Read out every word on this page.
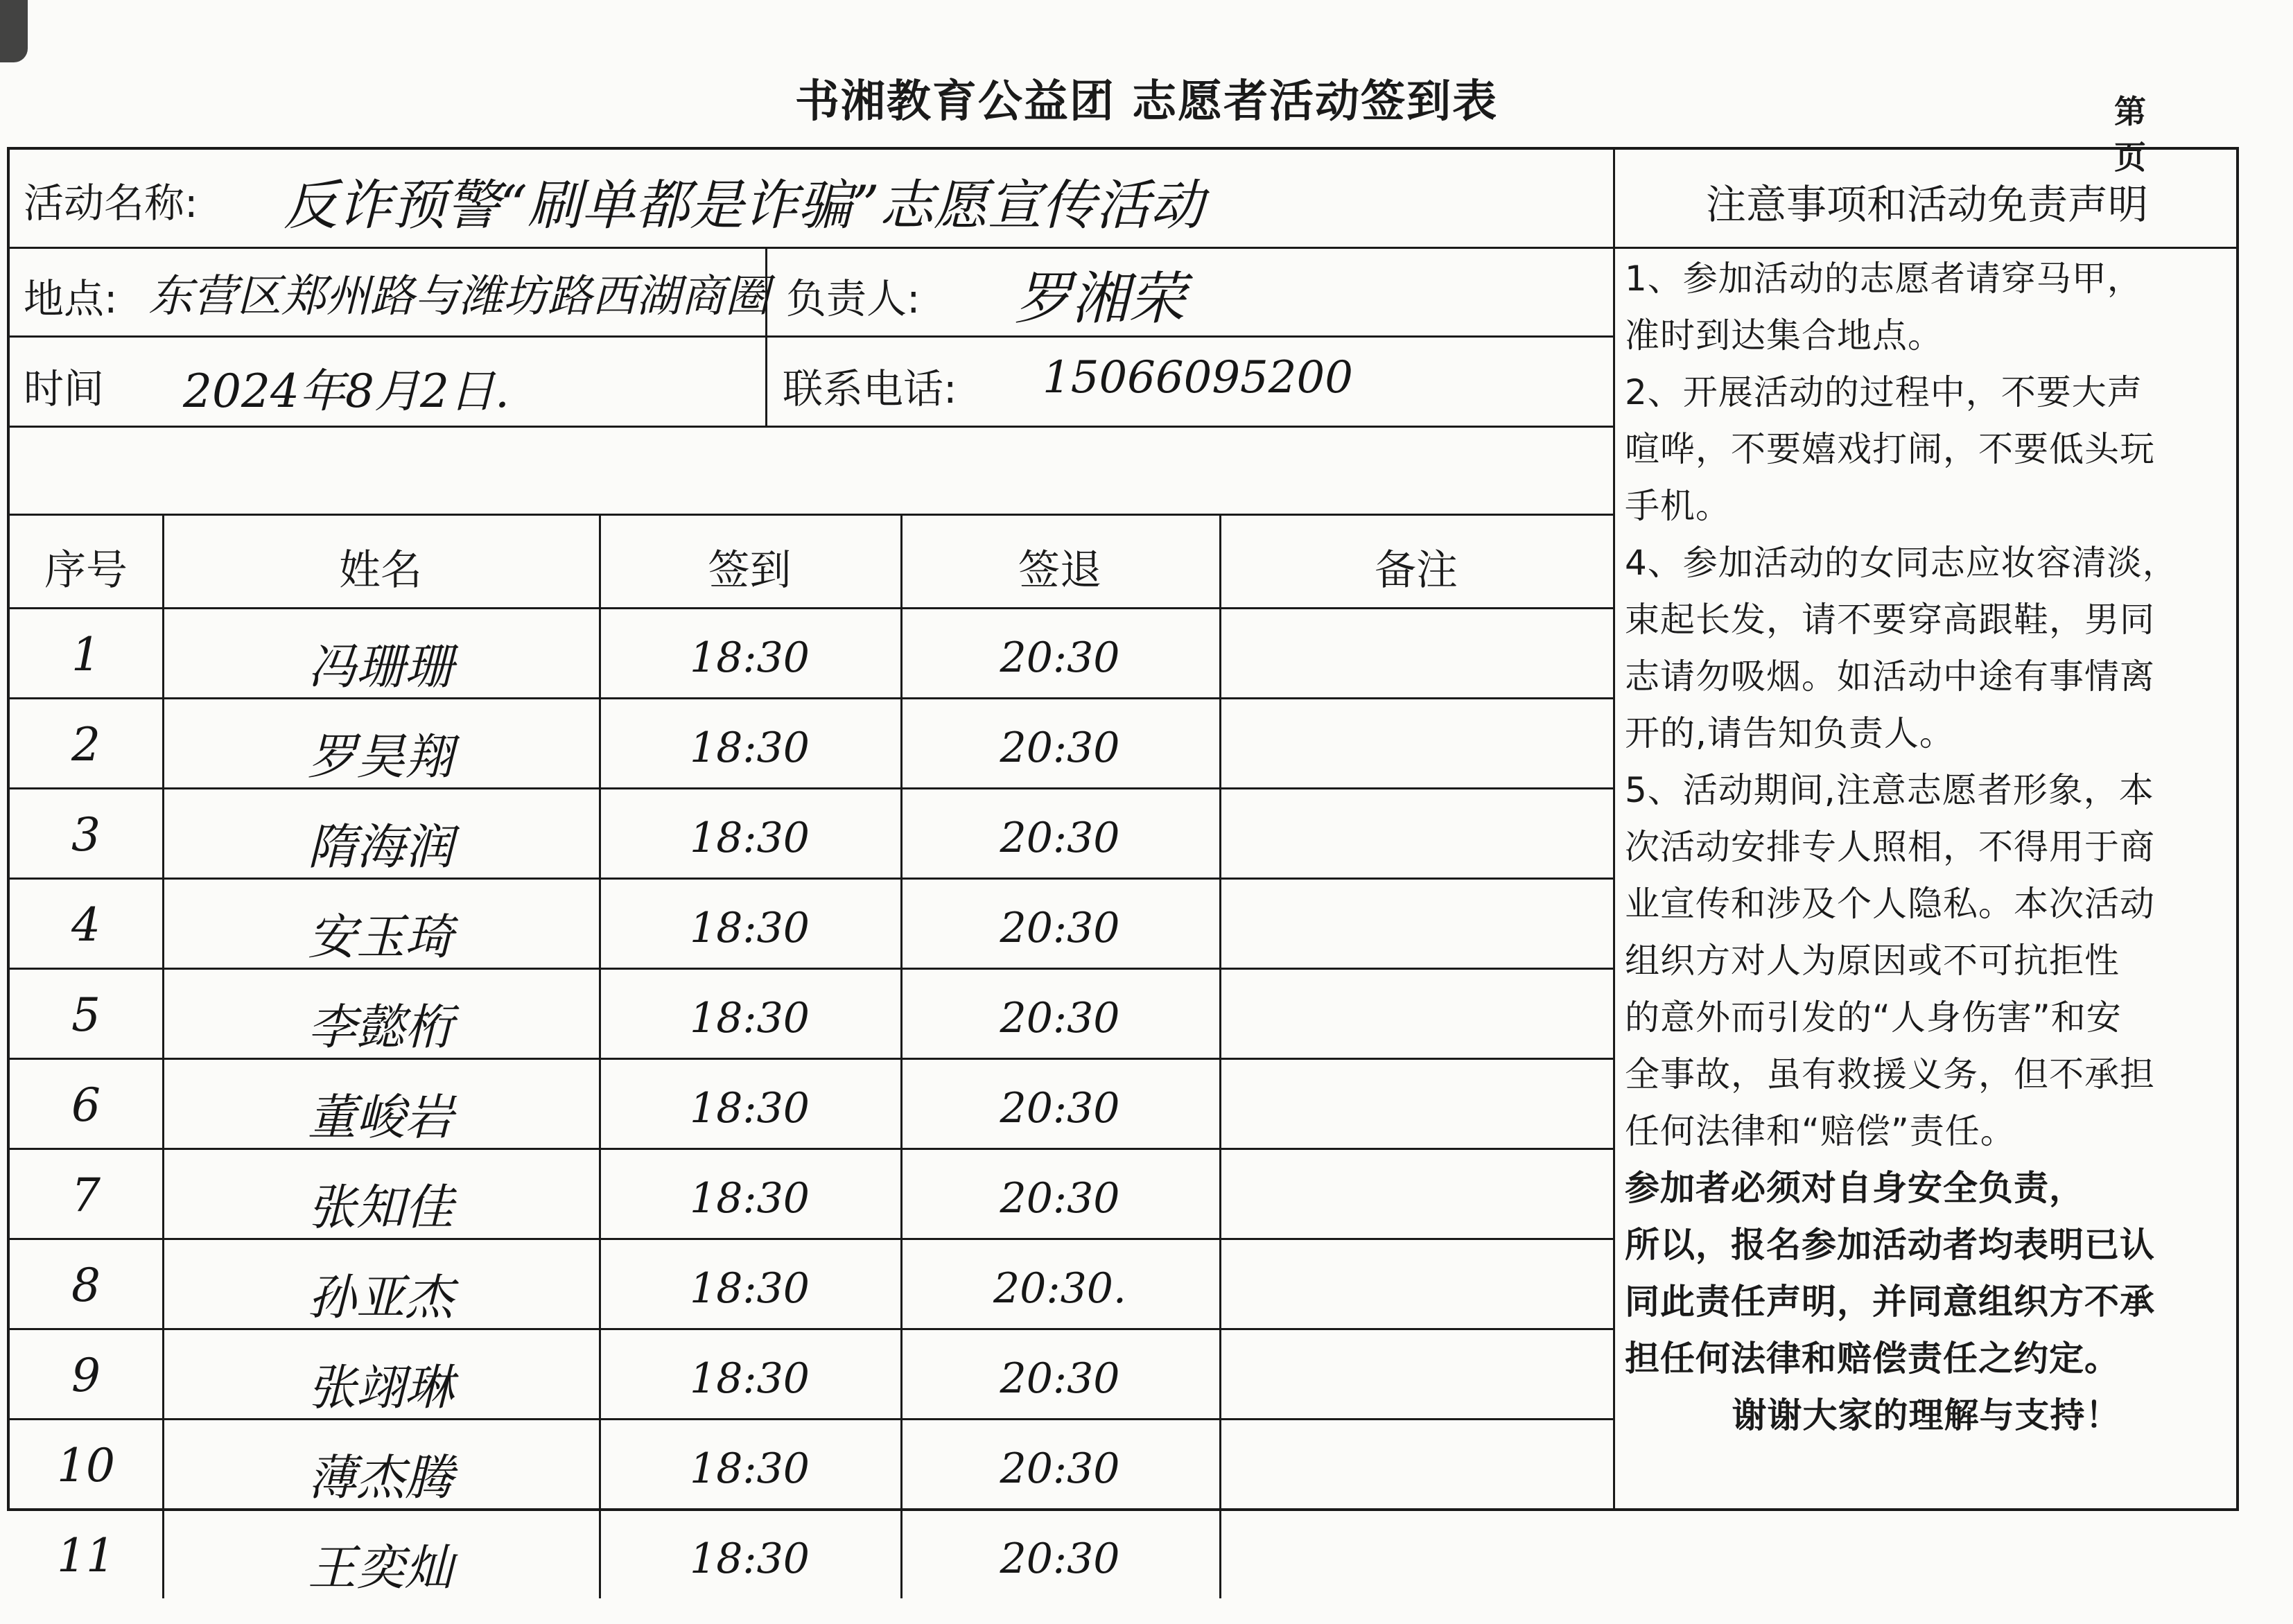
书湘教育公益团 志愿者活动签到表	第 页
活动名称: 反诈预警“刷单都是诈骗”志愿宣传活动
地点: 东营区郑州路与潍坊路西湖商圈 负责人: 罗湘荣
时间 2024年8月2日.	联系电话: 15066095200
注意事项和活动免责声明
序号	姓名	签到	签退	备注
1	冯珊珊	18:30	20:30
2	罗昊翔	18:30	20:30
3	隋海润	18:30	20:30
4	安玉琦	18:30	20:30
5	李懿桁	18:30	20:30
6	董峻岩	18:30	20:30
7	张知佳	18:30	20:30
8	孙亚杰	18:30	20:30.
9	张翊琳	18:30	20:30
10	薄杰腾	18:30	20:30
11	王奕灿	18:30	20:30
1、参加活动的志愿者请穿马甲，
准时到达集合地点。
2、开展活动的过程中，不要大声
喧哗，不要嬉戏打闹，不要低头玩
手机。
4、参加活动的女同志应妆容清淡，
束起长发，请不要穿高跟鞋，男同
志请勿吸烟。如活动中途有事情离
开的,请告知负责人。
5、活动期间,注意志愿者形象，本
次活动安排专人照相，不得用于商
业宣传和涉及个人隐私。本次活动
组织方对人为原因或不可抗拒性
的意外而引发的“人身伤害”和安
全事故，虽有救援义务，但不承担
任何法律和“赔偿”责任。
参加者必须对自身安全负责，
所以，报名参加活动者均表明已认
同此责任声明，并同意组织方不承
担任何法律和赔偿责任之约定。
谢谢大家的理解与支持！
